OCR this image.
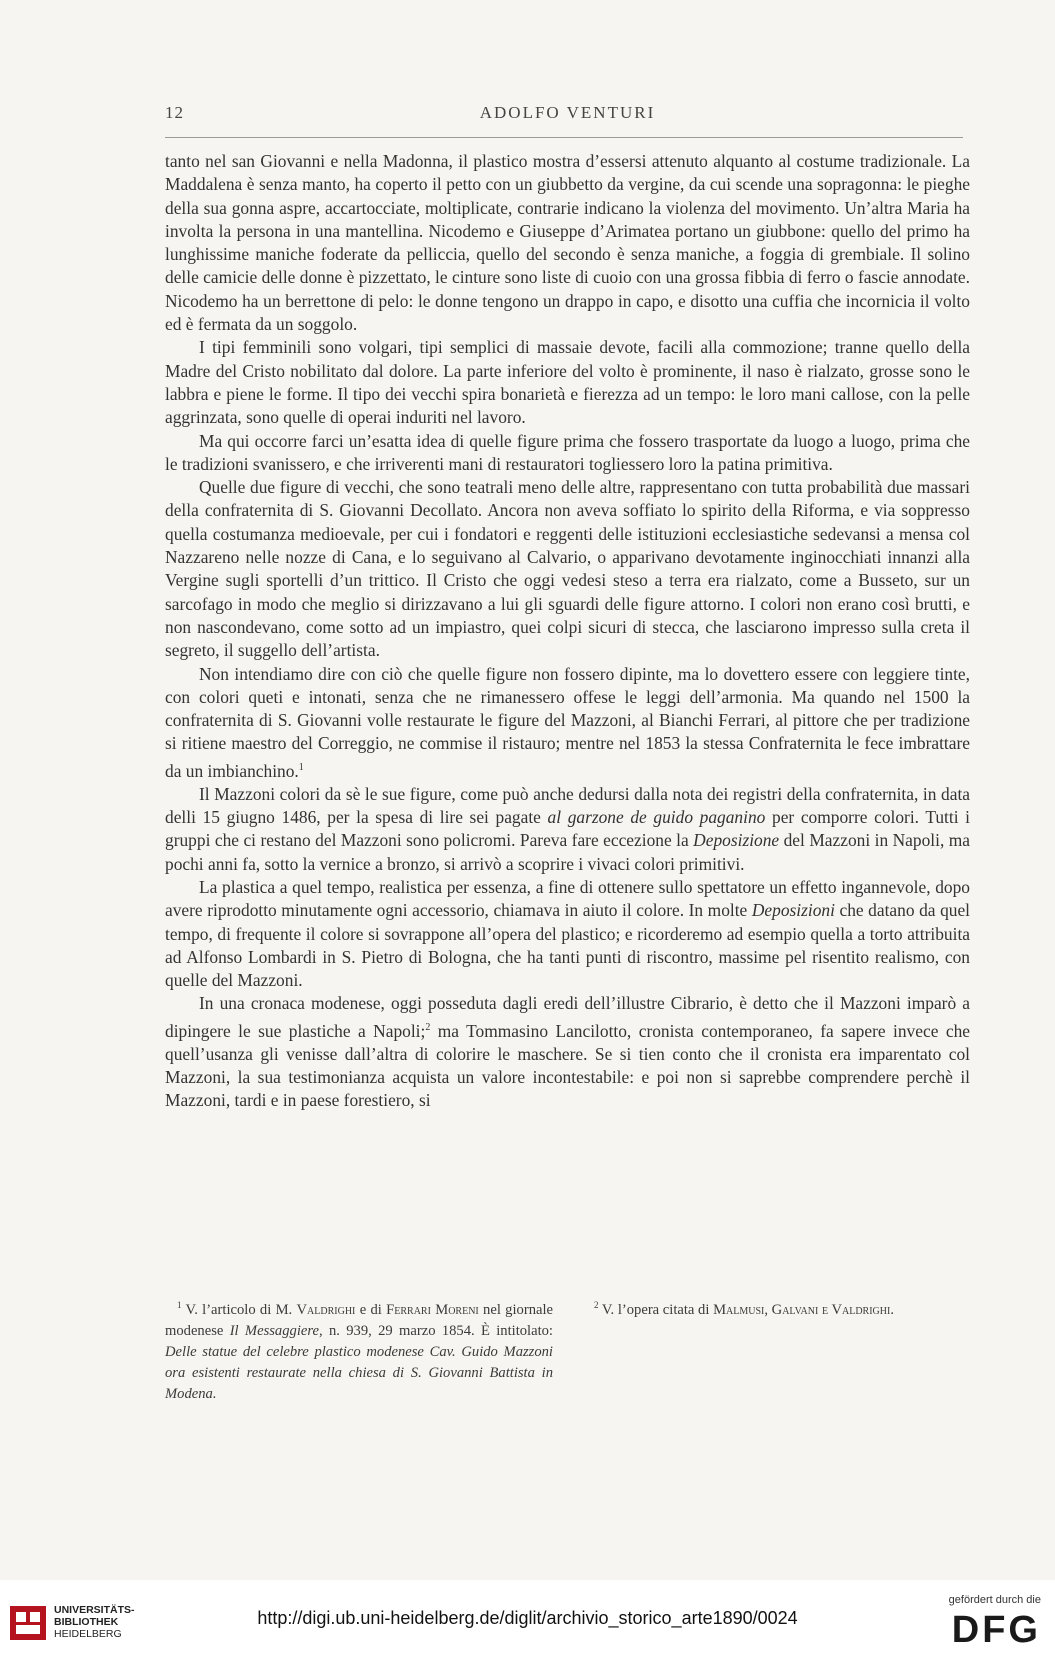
12	ADOLFO VENTURI

tanto nel san Giovanni e nella Madonna, il plastico mostra d’essersi attenuto alquanto al costume tradizionale. La Maddalena è senza manto, ha coperto il petto con un giubbetto da vergine, da cui scende una sopragonna: le pieghe della sua gonna aspre, accartocciate, moltiplicate, contrarie indicano la violenza del movimento. Un’altra Maria ha involta la persona in una mantellina. Nicodemo e Giuseppe d’Arimatea portano un giubbone: quello del primo ha lunghissime maniche foderate da pelliccia, quello del secondo è senza maniche, a foggia di grembiale. Il solino delle camicie delle donne è pizzettato, le cinture sono liste di cuoio con una grossa fibbia di ferro o fascie annodate. Nicodemo ha un berrettone di pelo: le donne tengono un drappo in capo, e disotto una cuffia che incornicia il volto ed è fermata da un soggolo.

I tipi femminili sono volgari, tipi semplici di massaie devote, facili alla commozione; tranne quello della Madre del Cristo nobilitato dal dolore. La parte inferiore del volto è prominente, il naso è rialzato, grosse sono le labbra e piene le forme. Il tipo dei vecchi spira bonarietà e fierezza ad un tempo: le loro mani callose, con la pelle aggrinzata, sono quelle di operai induriti nel lavoro.

Ma qui occorre farci un’esatta idea di quelle figure prima che fossero trasportate da luogo a luogo, prima che le tradizioni svanissero, e che irriverenti mani di restauratori togliessero loro la patina primitiva.

Quelle due figure di vecchi, che sono teatrali meno delle altre, rappresentano con tutta probabilità due massari della confraternita di S. Giovanni Decollato. Ancora non aveva soffiato lo spirito della Riforma, e via soppresso quella costumanza medioevale, per cui i fondatori e reggenti delle istituzioni ecclesiastiche sedevansi a mensa col Nazzareno nelle nozze di Cana, e lo seguivano al Calvario, o apparivano devotamente inginocchiati innanzi alla Vergine sugli sportelli d’un trittico. Il Cristo che oggi vedesi steso a terra era rialzato, come a Busseto, sur un sarcofago in modo che meglio si dirizzavano a lui gli sguardi delle figure attorno. I colori non erano così brutti, e non nascondevano, come sotto ad un impiastro, quei colpi sicuri di stecca, che lasciarono impresso sulla creta il segreto, il suggello dell’artista.

Non intendiamo dire con ciò che quelle figure non fossero dipinte, ma lo dovettero essere con leggiere tinte, con colori queti e intonati, senza che ne rimanessero offese le leggi dell’armonia. Ma quando nel 1500 la confraternita di S. Giovanni volle restaurate le figure del Mazzoni, al Bianchi Ferrari, al pittore che per tradizione si ritiene maestro del Correggio, ne commise il ristauro; mentre nel 1853 la stessa Confraternita le fece imbrattare da un imbianchino.$^1$

Il Mazzoni colori da sè le sue figure, come può anche dedursi dalla nota dei registri della confraternita, in data delli 15 giugno 1486, per la spesa di lire sei pagate al garzone de guido paganino per comporre colori. Tutti i gruppi che ci restano del Mazzoni sono policromi. Pareva fare eccezione la Deposizione del Mazzoni in Napoli, ma pochi anni fa, sotto la vernice a bronzo, si arrivò a scoprire i vivaci colori primitivi.

La plastica a quel tempo, realistica per essenza, a fine di ottenere sullo spettatore un effetto ingannevole, dopo avere riprodotto minutamente ogni accessorio, chiamava in aiuto il colore. In molte Deposizioni che datano da quel tempo, di frequente il colore si sovrappone all’opera del plastico; e ricorderemo ad esempio quella a torto attribuita ad Alfonso Lombardi in S. Pietro di Bologna, che ha tanti punti di riscontro, massime pel risentito realismo, con quelle del Mazzoni.

In una cronaca modenese, oggi posseduta dagli eredi dell’illustre Cibrario, è detto che il Mazzoni imparò a dipingere le sue plastiche a Napoli;$^2$ ma Tommasino Lancilotto, cronista contemporaneo, fa sapere invece che quell’usanza gli venisse dall’altra di colorire le maschere. Se si tien conto che il cronista era imparentato col Mazzoni, la sua testimonianza acquista un valore incontestabile: e poi non si saprebbe comprendere perchè il Mazzoni, tardi e in paese forestiero, si

$^1$ V. l’articolo di M. Valdrighi e di Ferrari Moreni nel giornale modenese Il Messaggiere, n. 939, 29 marzo 1854. È intitolato: Delle statue del celebre plastico modenese Cav. Guido Mazzoni ora esistenti restaurate nella chiesa di S. Giovanni Battista in Modena.

$^2$ V. l’opera citata di Malmusi, Galvani e Valdrighi.

UNIVERSITÄTS-
BIBLIOTHEK
HEIDELBERG
http://digi.ub.uni-heidelberg.de/diglit/archivio_storico_arte1890/0024
gefördert durch die
DFG
